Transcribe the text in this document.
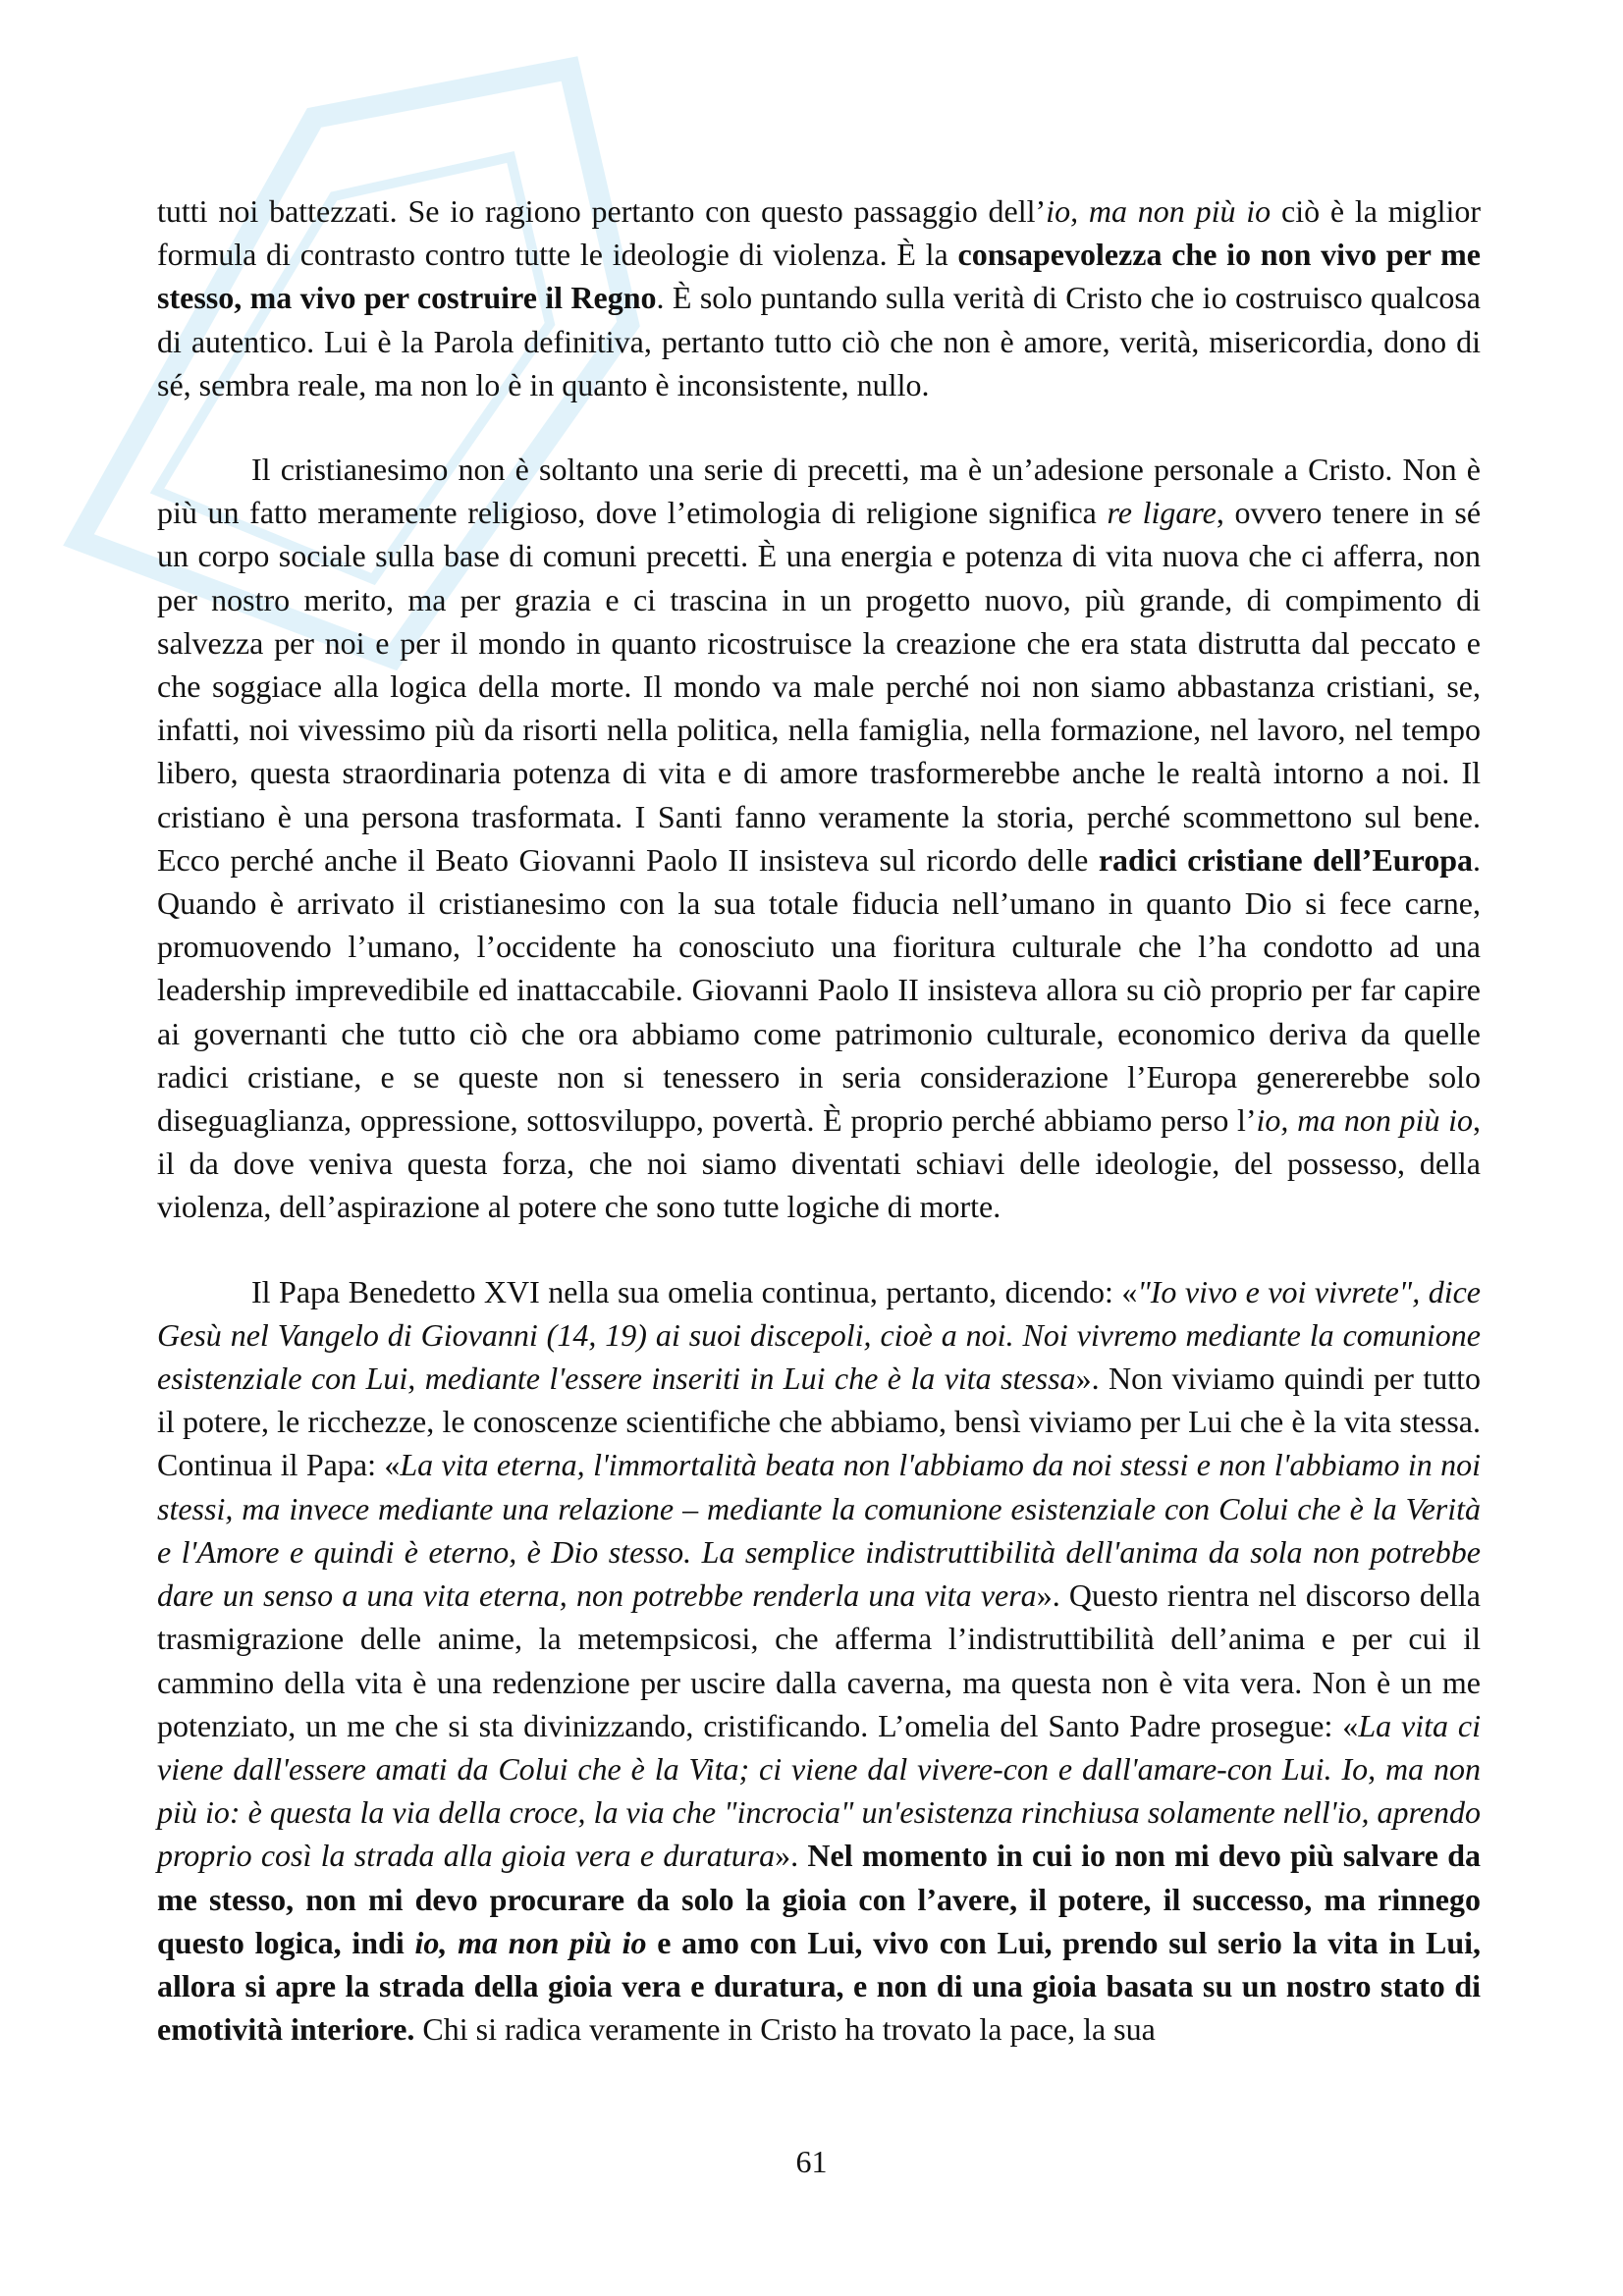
tutti noi battezzati. Se io ragiono pertanto con questo passaggio dell’io, ma non più io ciò è la miglior formula di contrasto contro tutte le ideologie di violenza. È la consapevolezza che io non vivo per me stesso, ma vivo per costruire il Regno. È solo puntando sulla verità di Cristo che io costruisco qualcosa di autentico. Lui è la Parola definitiva, pertanto tutto ciò che non è amore, verità, misericordia, dono di sé, sembra reale, ma non lo è in quanto è inconsistente, nullo.

Il cristianesimo non è soltanto una serie di precetti, ma è un’adesione personale a Cristo. Non è più un fatto meramente religioso, dove l’etimologia di religione significa re ligare, ovvero tenere in sé un corpo sociale sulla base di comuni precetti. È una energia e potenza di vita nuova che ci afferra, non per nostro merito, ma per grazia e ci trascina in un progetto nuovo, più grande, di compimento di salvezza per noi e per il mondo in quanto ricostruisce la creazione che era stata distrutta dal peccato e che soggiace alla logica della morte. Il mondo va male perché noi non siamo abbastanza cristiani, se, infatti, noi vivessimo più da risorti nella politica, nella famiglia, nella formazione, nel lavoro, nel tempo libero, questa straordinaria potenza di vita e di amore trasformerebbe anche le realtà intorno a noi. Il cristiano è una persona trasformata. I Santi fanno veramente la storia, perché scommettono sul bene. Ecco perché anche il Beato Giovanni Paolo II insisteva sul ricordo delle radici cristiane dell’Europa. Quando è arrivato il cristianesimo con la sua totale fiducia nell’umano in quanto Dio si fece carne, promuovendo l’umano, l’occidente ha conosciuto una fioritura culturale che l’ha condotto ad una leadership imprevedibile ed inattaccabile. Giovanni Paolo II insisteva allora su ciò proprio per far capire ai governanti che tutto ciò che ora abbiamo come patrimonio culturale, economico deriva da quelle radici cristiane, e se queste non si tenessero in seria considerazione l’Europa genererebbe solo diseguaglianza, oppressione, sottosviluppo, povertà. È proprio perché abbiamo perso l’io, ma non più io, il da dove veniva questa forza, che noi siamo diventati schiavi delle ideologie, del possesso, della violenza, dell’aspirazione al potere che sono tutte logiche di morte.

Il Papa Benedetto XVI nella sua omelia continua, pertanto, dicendo: «"Io vivo e voi vivrete", dice Gesù nel Vangelo di Giovanni (14, 19) ai suoi discepoli, cioè a noi. Noi vivremo mediante la comunione esistenziale con Lui, mediante l'essere inseriti in Lui che è la vita stessa». Non viviamo quindi per tutto il potere, le ricchezze, le conoscenze scientifiche che abbiamo, bensì viviamo per Lui che è la vita stessa. Continua il Papa: «La vita eterna, l'immortalità beata non l'abbiamo da noi stessi e non l'abbiamo in noi stessi, ma invece mediante una relazione – mediante la comunione esistenziale con Colui che è la Verità e l'Amore e quindi è eterno, è Dio stesso. La semplice indistruttibilità dell'anima da sola non potrebbe dare un senso a una vita eterna, non potrebbe renderla una vita vera». Questo rientra nel discorso della trasmigrazione delle anime, la metempsicosi, che afferma l’indistruttibilità dell’anima e per cui il cammino della vita è una redenzione per uscire dalla caverna, ma questa non è vita vera. Non è un me potenziato, un me che si sta divinizzando, cristificando. L’omelia del Santo Padre prosegue: «La vita ci viene dall'essere amati da Colui che è la Vita; ci viene dal vivere-con e dall'amare-con Lui. Io, ma non più io: è questa la via della croce, la via che "incrocia" un'esistenza rinchiusa solamente nell'io, aprendo proprio così la strada alla gioia vera e duratura». Nel momento in cui io non mi devo più salvare da me stesso, non mi devo procurare da solo la gioia con l’avere, il potere, il successo, ma rinnego questo logica, indi io, ma non più io e amo con Lui, vivo con Lui, prendo sul serio la vita in Lui, allora si apre la strada della gioia vera e duratura, e non di una gioia basata su un nostro stato di emotività interiore. Chi si radica veramente in Cristo ha trovato la pace, la sua

61
